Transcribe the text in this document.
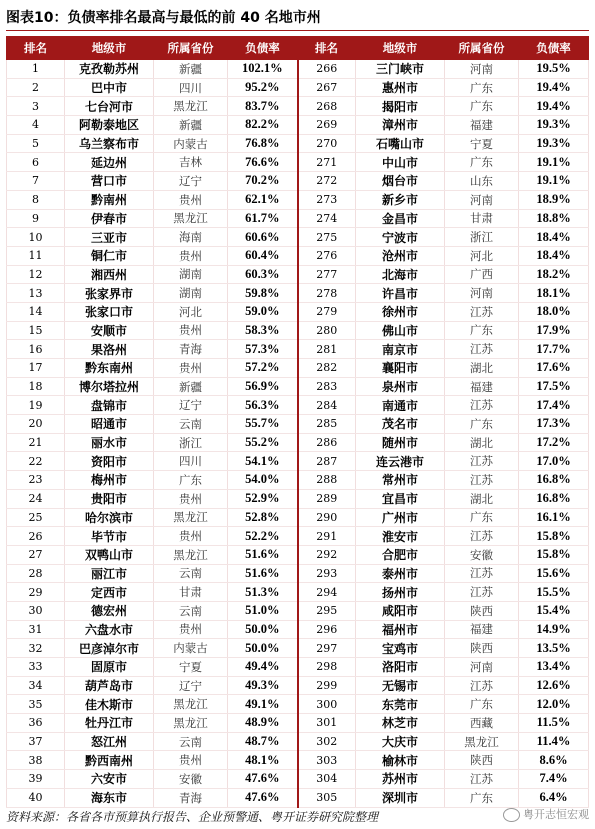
图表10：负债率排名最高与最低的前 40 名地市州
排名	地级市	所属省份	负债率	排名	地级市	所属省份	负债率
1	克孜勒苏州	新疆	102.1%	266	三门峡市	河南	19.5%
2	巴中市	四川	95.2%	267	惠州市	广东	19.4%
3	七台河市	黑龙江	83.7%	268	揭阳市	广东	19.4%
4	阿勒泰地区	新疆	82.2%	269	漳州市	福建	19.3%
5	乌兰察布市	内蒙古	76.8%	270	石嘴山市	宁夏	19.3%
6	延边州	吉林	76.6%	271	中山市	广东	19.1%
7	营口市	辽宁	70.2%	272	烟台市	山东	19.1%
8	黔南州	贵州	62.1%	273	新乡市	河南	18.9%
9	伊春市	黑龙江	61.7%	274	金昌市	甘肃	18.8%
10	三亚市	海南	60.6%	275	宁波市	浙江	18.4%
11	铜仁市	贵州	60.4%	276	沧州市	河北	18.4%
12	湘西州	湖南	60.3%	277	北海市	广西	18.2%
13	张家界市	湖南	59.8%	278	许昌市	河南	18.1%
14	张家口市	河北	59.0%	279	徐州市	江苏	18.0%
15	安顺市	贵州	58.3%	280	佛山市	广东	17.9%
16	果洛州	青海	57.3%	281	南京市	江苏	17.7%
17	黔东南州	贵州	57.2%	282	襄阳市	湖北	17.6%
18	博尔塔拉州	新疆	56.9%	283	泉州市	福建	17.5%
19	盘锦市	辽宁	56.3%	284	南通市	江苏	17.4%
20	昭通市	云南	55.7%	285	茂名市	广东	17.3%
21	丽水市	浙江	55.2%	286	随州市	湖北	17.2%
22	资阳市	四川	54.1%	287	连云港市	江苏	17.0%
23	梅州市	广东	54.0%	288	常州市	江苏	16.8%
24	贵阳市	贵州	52.9%	289	宜昌市	湖北	16.8%
25	哈尔滨市	黑龙江	52.8%	290	广州市	广东	16.1%
26	毕节市	贵州	52.2%	291	淮安市	江苏	15.8%
27	双鸭山市	黑龙江	51.6%	292	合肥市	安徽	15.8%
28	丽江市	云南	51.6%	293	泰州市	江苏	15.6%
29	定西市	甘肃	51.3%	294	扬州市	江苏	15.5%
30	德宏州	云南	51.0%	295	咸阳市	陕西	15.4%
31	六盘水市	贵州	50.0%	296	福州市	福建	14.9%
32	巴彦淖尔市	内蒙古	50.0%	297	宝鸡市	陕西	13.5%
33	固原市	宁夏	49.4%	298	洛阳市	河南	13.4%
34	葫芦岛市	辽宁	49.3%	299	无锡市	江苏	12.6%
35	佳木斯市	黑龙江	49.1%	300	东莞市	广东	12.0%
36	牡丹江市	黑龙江	48.9%	301	林芝市	西藏	11.5%
37	怒江州	云南	48.7%	302	大庆市	黑龙江	11.4%
38	黔西南州	贵州	48.1%	303	榆林市	陕西	8.6%
39	六安市	安徽	47.6%	304	苏州市	江苏	7.4%
40	海东市	青海	47.6%	305	深圳市	广东	6.4%
资料来源：各省各市预算执行报告、企业预警通、粤开证券研究院整理	粤开志恒宏观
